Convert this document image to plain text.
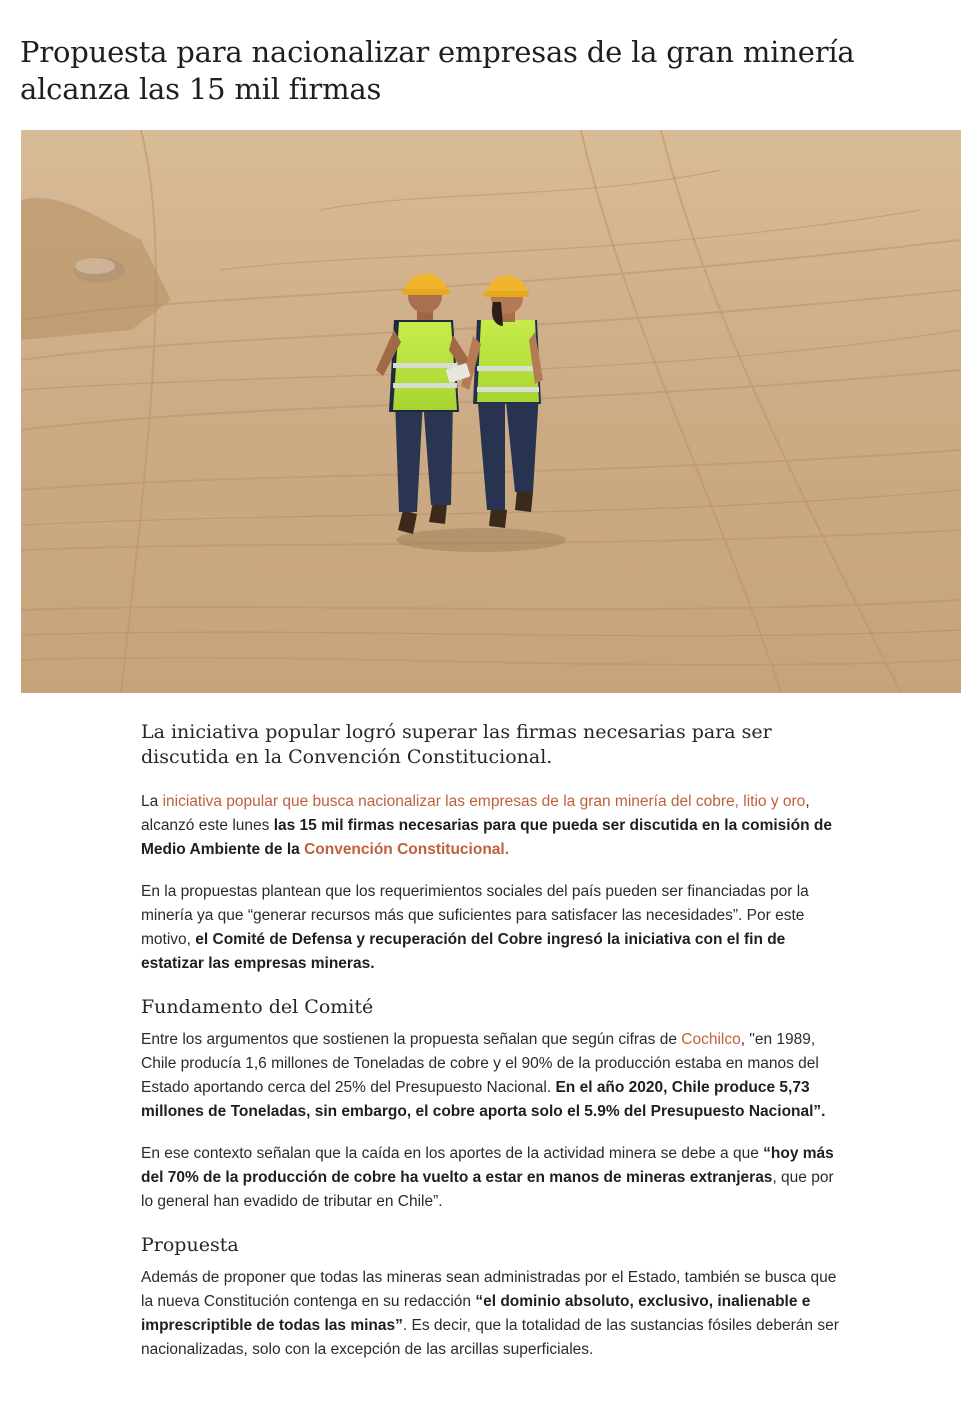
Propuesta para nacionalizar empresas de la gran minería alcanza las 15 mil firmas

La iniciativa popular logró superar las firmas necesarias para ser discutida en la Convención Constitucional.

La iniciativa popular que busca nacionalizar las empresas de la gran minería del cobre, litio y oro, alcanzó este lunes las 15 mil firmas necesarias para que pueda ser discutida en la comisión de Medio Ambiente de la Convención Constitucional.

En la propuestas plantean que los requerimientos sociales del país pueden ser financiadas por la minería ya que “generar recursos más que suficientes para satisfacer las necesidades”. Por este motivo, el Comité de Defensa y recuperación del Cobre ingresó la iniciativa con el fin de estatizar las empresas mineras.

Fundamento del Comité

Entre los argumentos que sostienen la propuesta señalan que según cifras de Cochilco, "en 1989, Chile producía 1,6 millones de Toneladas de cobre y el 90% de la producción estaba en manos del Estado aportando cerca del 25% del Presupuesto Nacional. En el año 2020, Chile produce 5,73 millones de Toneladas, sin embargo, el cobre aporta solo el 5.9% del Presupuesto Nacional”.

En ese contexto señalan que la caída en los aportes de la actividad minera se debe a que “hoy más del 70% de la producción de cobre ha vuelto a estar en manos de mineras extranjeras, que por lo general han evadido de tributar en Chile”.

Propuesta

Además de proponer que todas las mineras sean administradas por el Estado, también se busca que la nueva Constitución contenga en su redacción “el dominio absoluto, exclusivo, inalienable e imprescriptible de todas las minas”. Es decir, que la totalidad de las sustancias fósiles deberán ser nacionalizadas, solo con la excepción de las arcillas superficiales.
